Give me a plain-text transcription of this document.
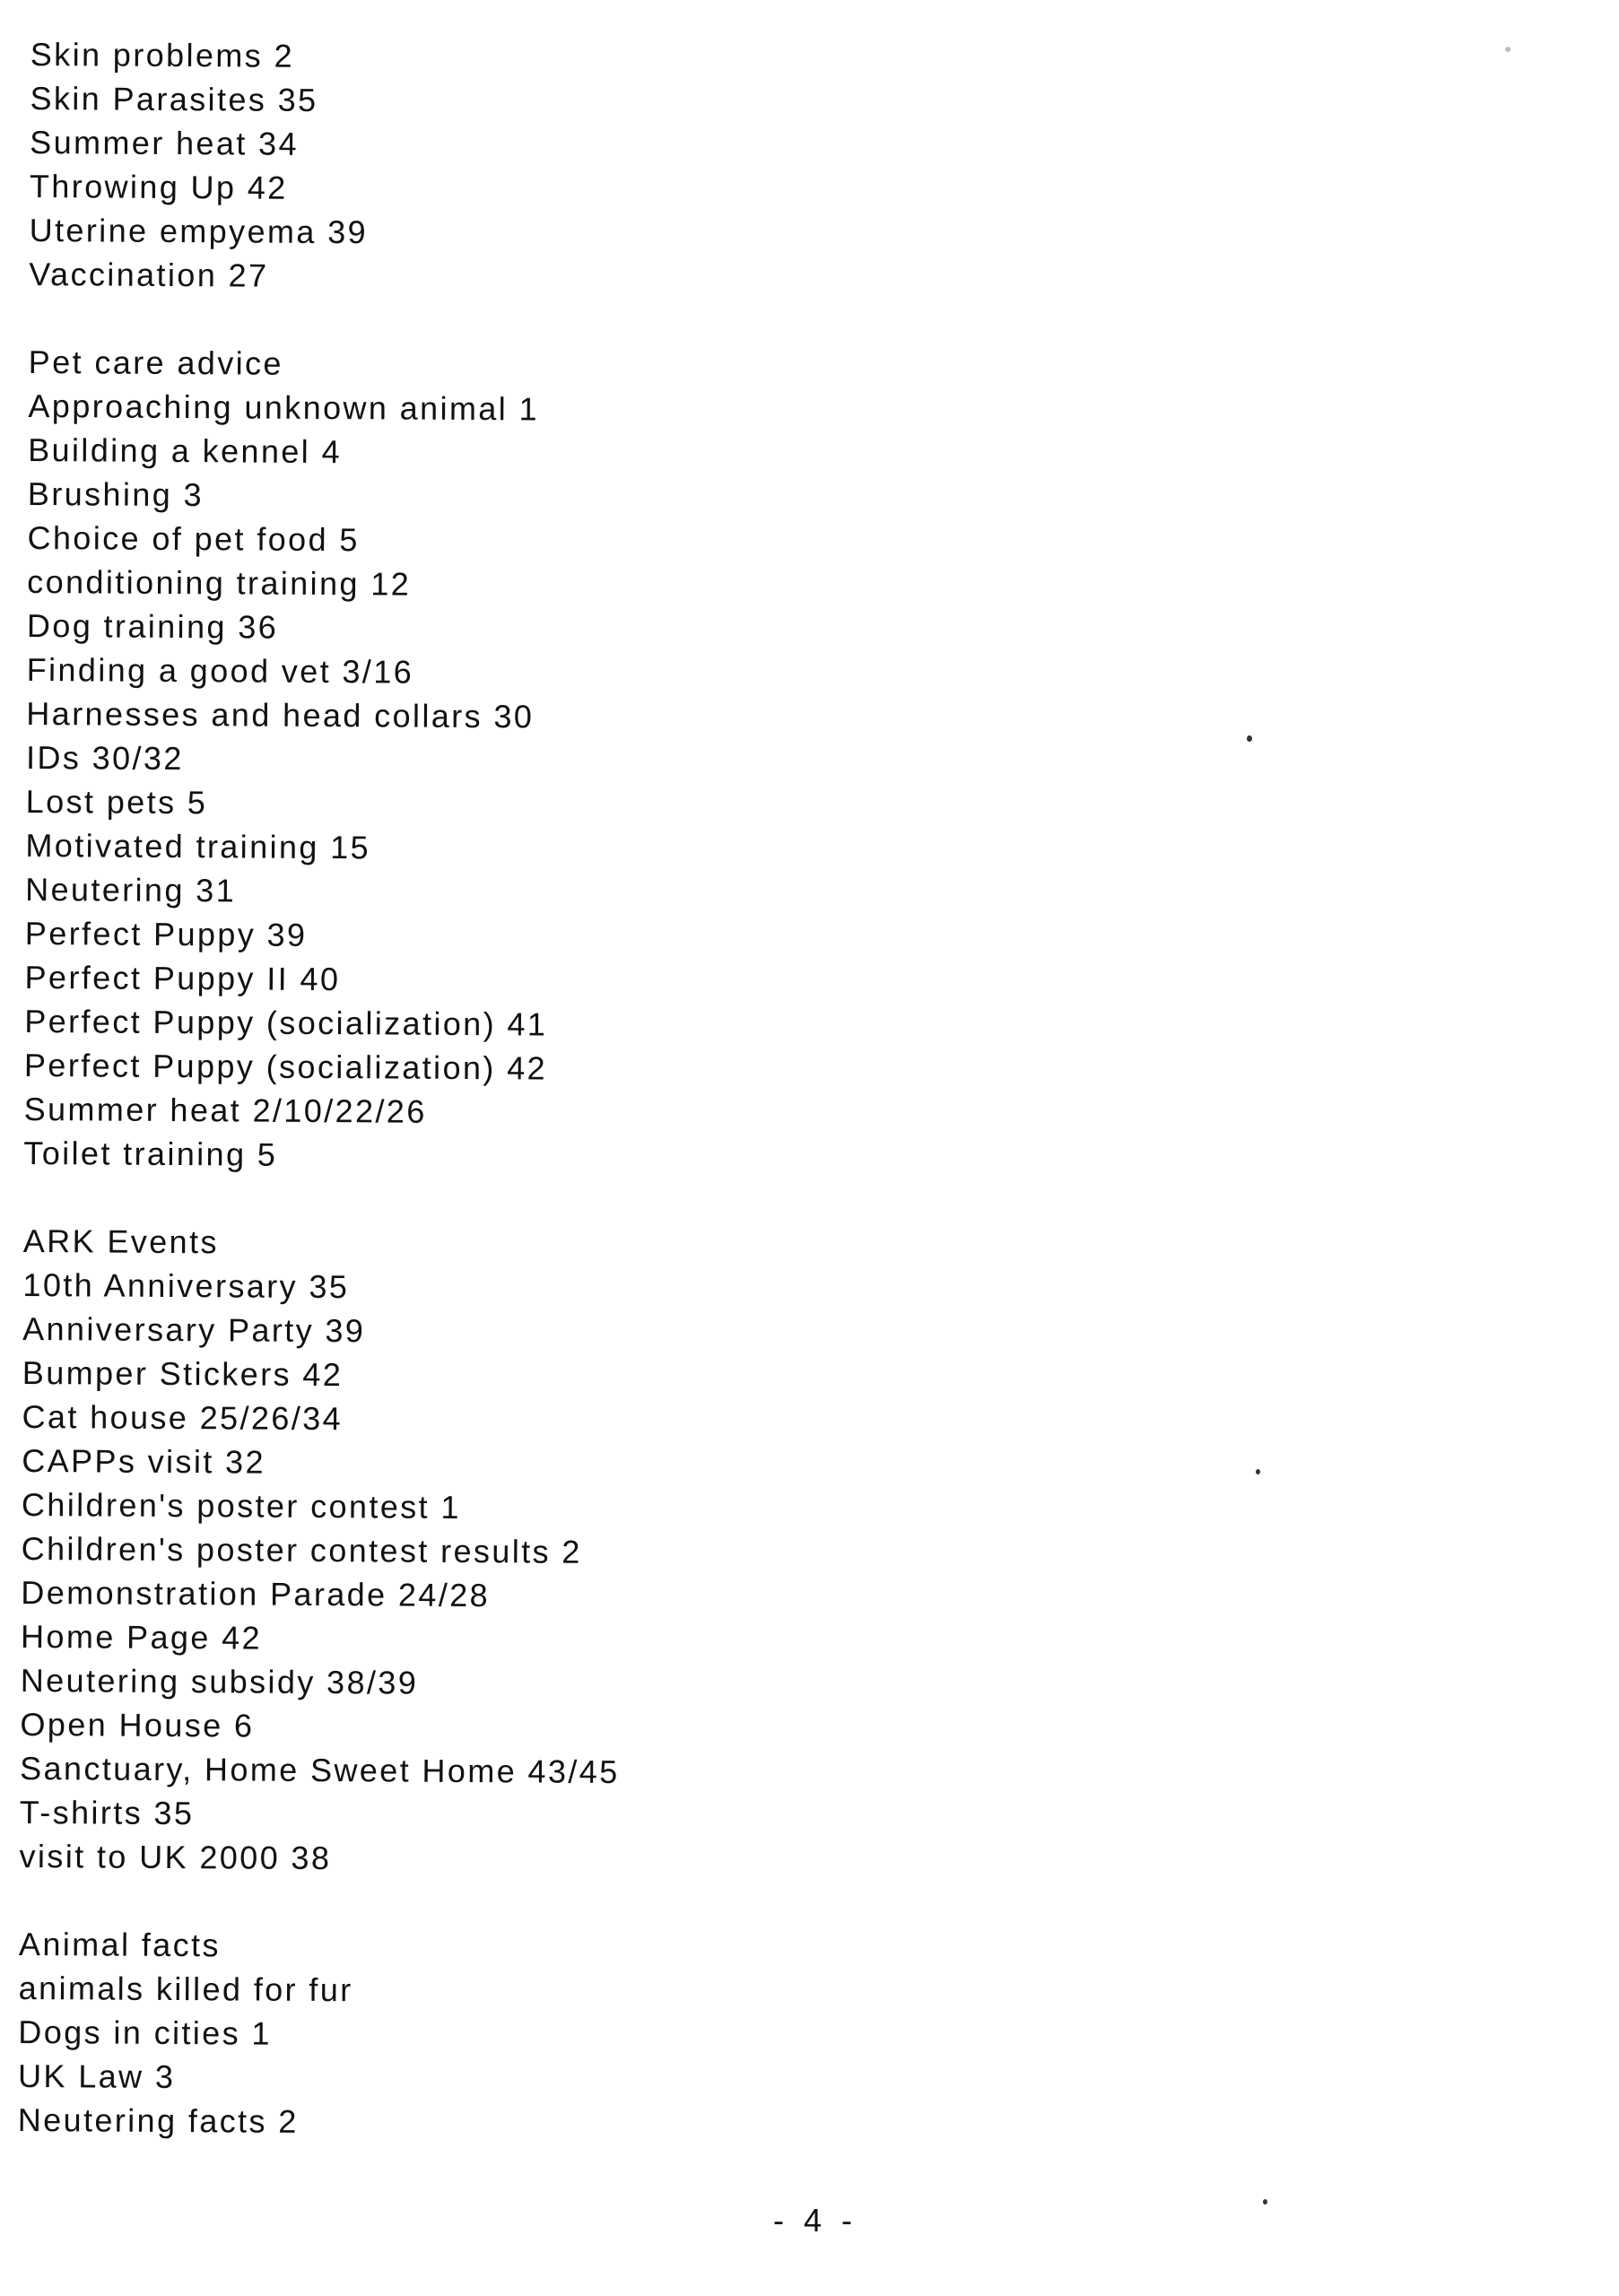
Skin problems 2
Skin Parasites 35
Summer heat 34
Throwing Up 42
Uterine empyema 39
Vaccination 27
Pet care advice
Approaching unknown animal 1
Building a kennel 4
Brushing 3
Choice of pet food 5
conditioning training 12
Dog training 36
Finding a good vet 3/16
Harnesses and head collars 30
IDs 30/32
Lost pets 5
Motivated training 15
Neutering 31
Perfect Puppy 39
Perfect Puppy II 40
Perfect Puppy (socialization) 41
Perfect Puppy (socialization) 42
Summer heat 2/10/22/26
Toilet training 5
ARK Events
10th Anniversary 35
Anniversary Party 39
Bumper Stickers 42
Cat house 25/26/34
CAPPs visit 32
Children's poster contest 1
Children's poster contest results 2
Demonstration Parade 24/28
Home Page 42
Neutering subsidy 38/39
Open House 6
Sanctuary, Home Sweet Home 43/45
T-shirts 35
visit to UK 2000 38
Animal facts
animals killed for fur
Dogs in cities 1
UK Law 3
Neutering facts 2
- 4 -
